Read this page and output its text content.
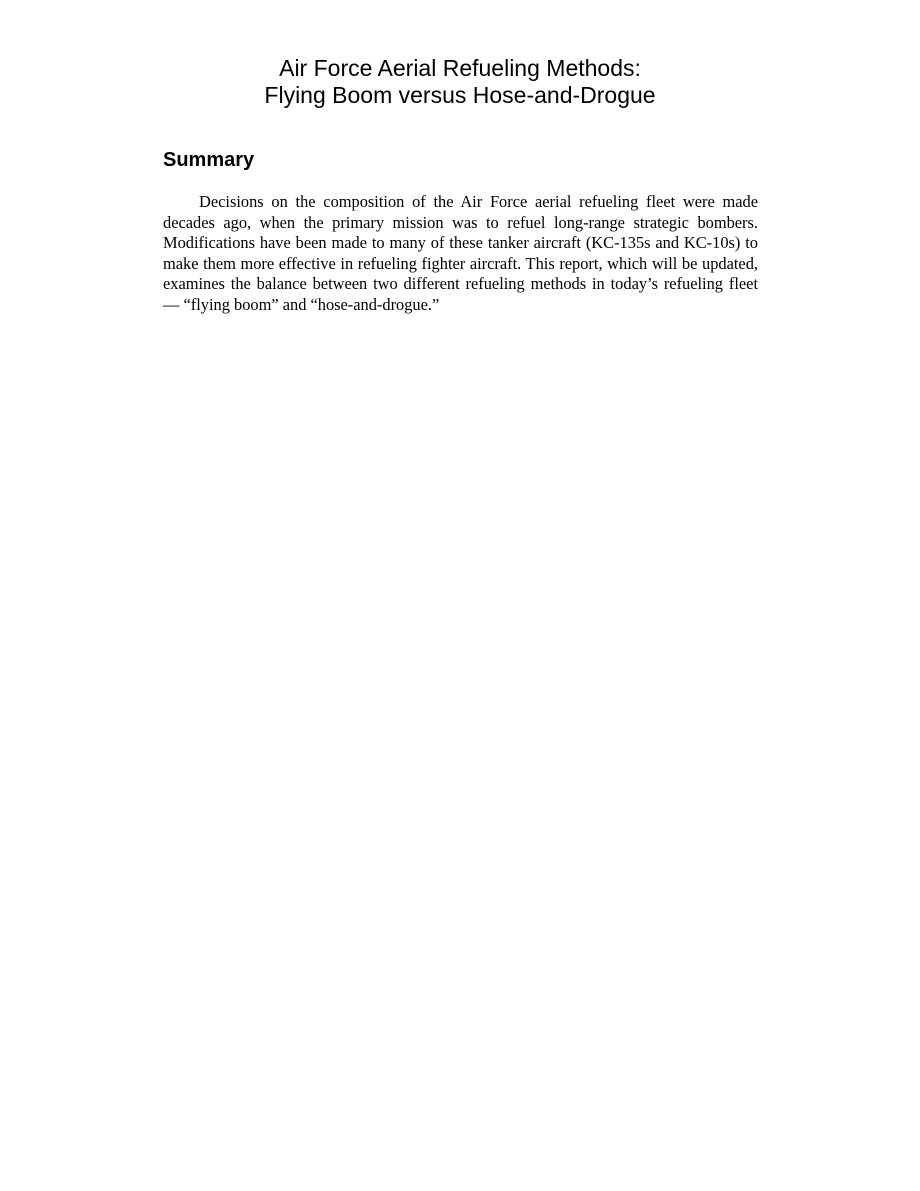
Air Force Aerial Refueling Methods:
Flying Boom versus Hose-and-Drogue
Summary

Decisions on the composition of the Air Force aerial refueling fleet were made decades ago, when the primary mission was to refuel long-range strategic bombers. Modifications have been made to many of these tanker aircraft (KC-135s and KC-10s) to make them more effective in refueling fighter aircraft. This report, which will be updated, examines the balance between two different refueling methods in today’s refueling fleet — “flying boom” and “hose-and-drogue.”
